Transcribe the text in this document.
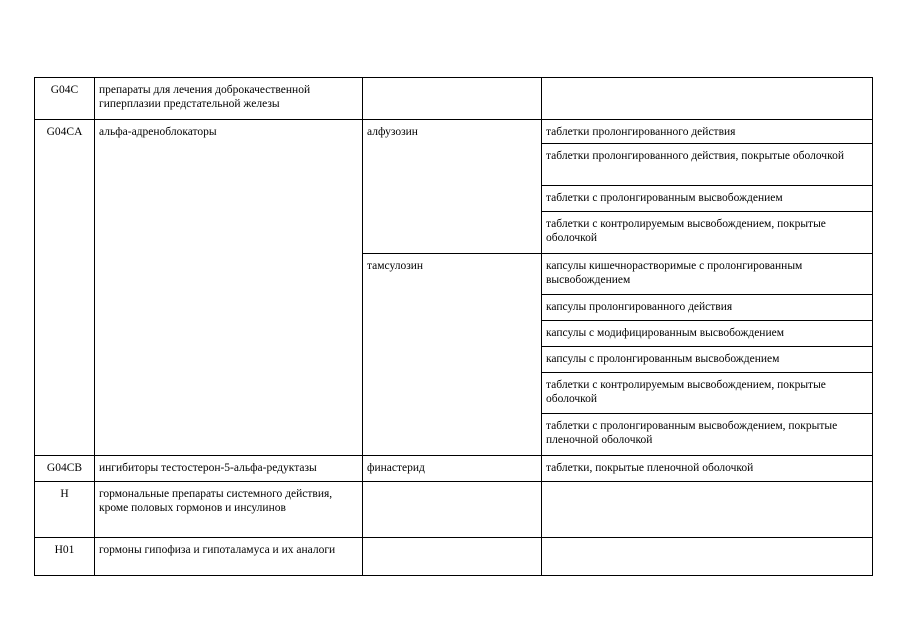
G04C	препараты для лечения доброкачественной гиперплазии предстательной железы		
G04CA	альфа-адреноблокаторы	алфузозин	таблетки пролонгированного действия
			таблетки пролонгированного действия, покрытые оболочкой
			таблетки с пролонгированным высвобождением
			таблетки с контролируемым высвобождением, покрытые оболочкой
		тамсулозин	капсулы кишечнорастворимые с пролонгированным высвобождением
			капсулы пролонгированного действия
			капсулы с модифицированным высвобождением
			капсулы с пролонгированным высвобождением
			таблетки с контролируемым высвобождением, покрытые оболочкой
			таблетки с пролонгированным высвобождением, покрытые пленочной оболочкой
G04CB	ингибиторы тестостерон-5-альфа-редуктазы	финастерид	таблетки, покрытые пленочной оболочкой
H	гормональные препараты системного действия, кроме половых гормонов и инсулинов		
H01	гормоны гипофиза и гипоталамуса и их аналоги		
